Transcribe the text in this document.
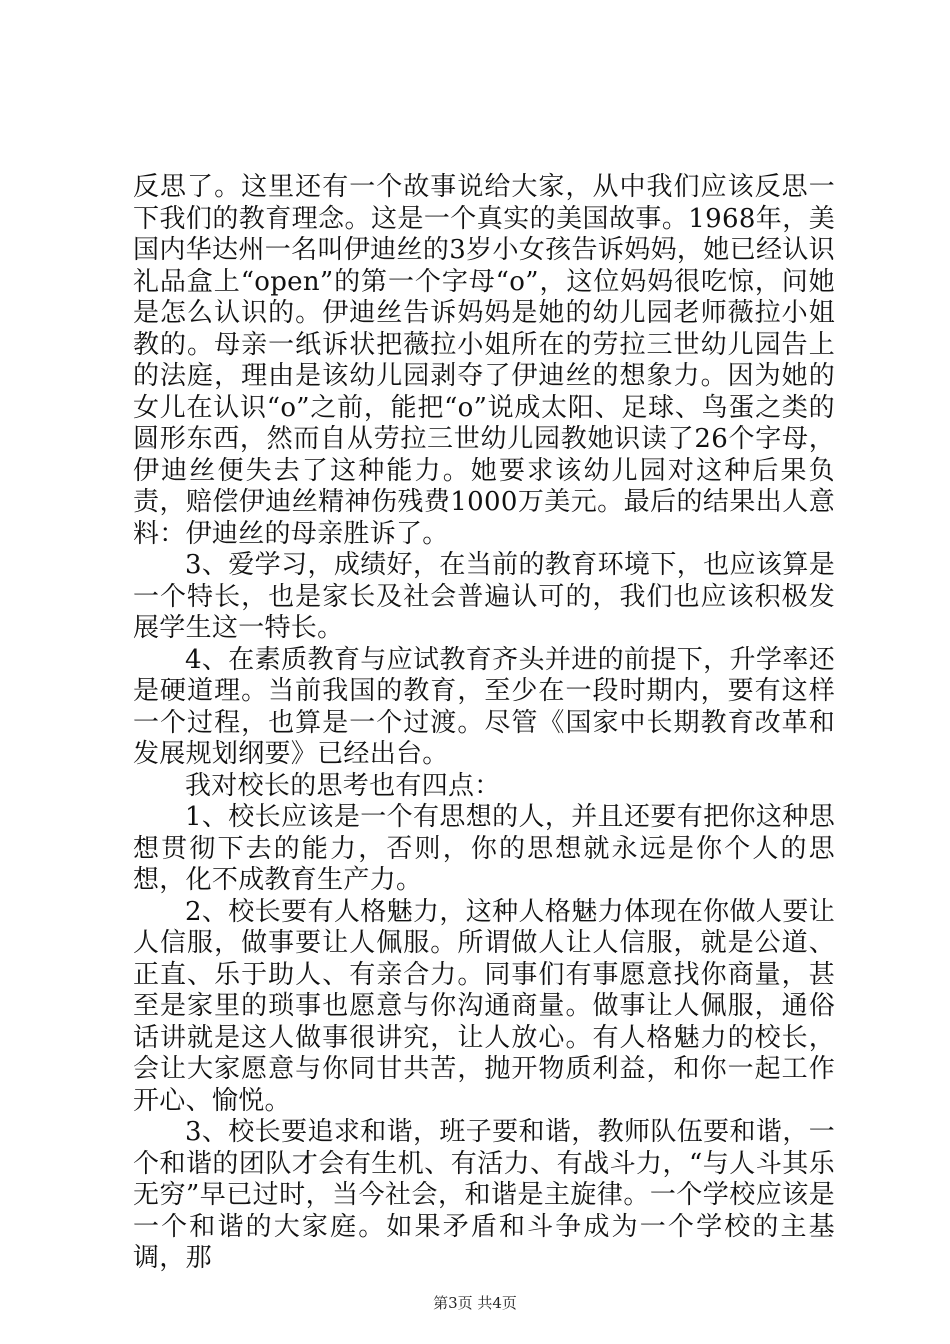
反思了。这里还有一个故事说给大家，从中我们应该反思一下我们的教育理念。这是一个真实的美国故事。1968年，美国内华达州一名叫伊迪丝的3岁小女孩告诉妈妈，她已经认识礼品盒上“open”的第一个字母“o”，这位妈妈很吃惊，问她是怎么认识的。伊迪丝告诉妈妈是她的幼儿园老师薇拉小姐教的。母亲一纸诉状把薇拉小姐所在的劳拉三世幼儿园告上的法庭，理由是该幼儿园剥夺了伊迪丝的想象力。因为她的女儿在认识“o”之前，能把“o”说成太阳、足球、鸟蛋之类的圆形东西，然而自从劳拉三世幼儿园教她识读了26个字母，伊迪丝便失去了这种能力。她要求该幼儿园对这种后果负责，赔偿伊迪丝精神伤残费1000万美元。最后的结果出人意料：伊迪丝的母亲胜诉了。

3、爱学习，成绩好，在当前的教育环境下，也应该算是一个特长，也是家长及社会普遍认可的，我们也应该积极发展学生这一特长。

4、在素质教育与应试教育齐头并进的前提下，升学率还是硬道理。当前我国的教育，至少在一段时期内，要有这样一个过程，也算是一个过渡。尽管《国家中长期教育改革和发展规划纲要》已经出台。

我对校长的思考也有四点：

1、校长应该是一个有思想的人，并且还要有把你这种思想贯彻下去的能力，否则，你的思想就永远是你个人的思想，化不成教育生产力。

2、校长要有人格魅力，这种人格魅力体现在你做人要让人信服，做事要让人佩服。所谓做人让人信服，就是公道、正直、乐于助人、有亲合力。同事们有事愿意找你商量，甚至是家里的琐事也愿意与你沟通商量。做事让人佩服，通俗话讲就是这人做事很讲究，让人放心。有人格魅力的校长，会让大家愿意与你同甘共苦，抛开物质利益，和你一起工作开心、愉悦。

3、校长要追求和谐，班子要和谐，教师队伍要和谐，一个和谐的团队才会有生机、有活力、有战斗力，“与人斗其乐无穷”早已过时，当今社会，和谐是主旋律。一个学校应该是一个和谐的大家庭。如果矛盾和斗争成为一个学校的主基调，那

第3页 共4页
